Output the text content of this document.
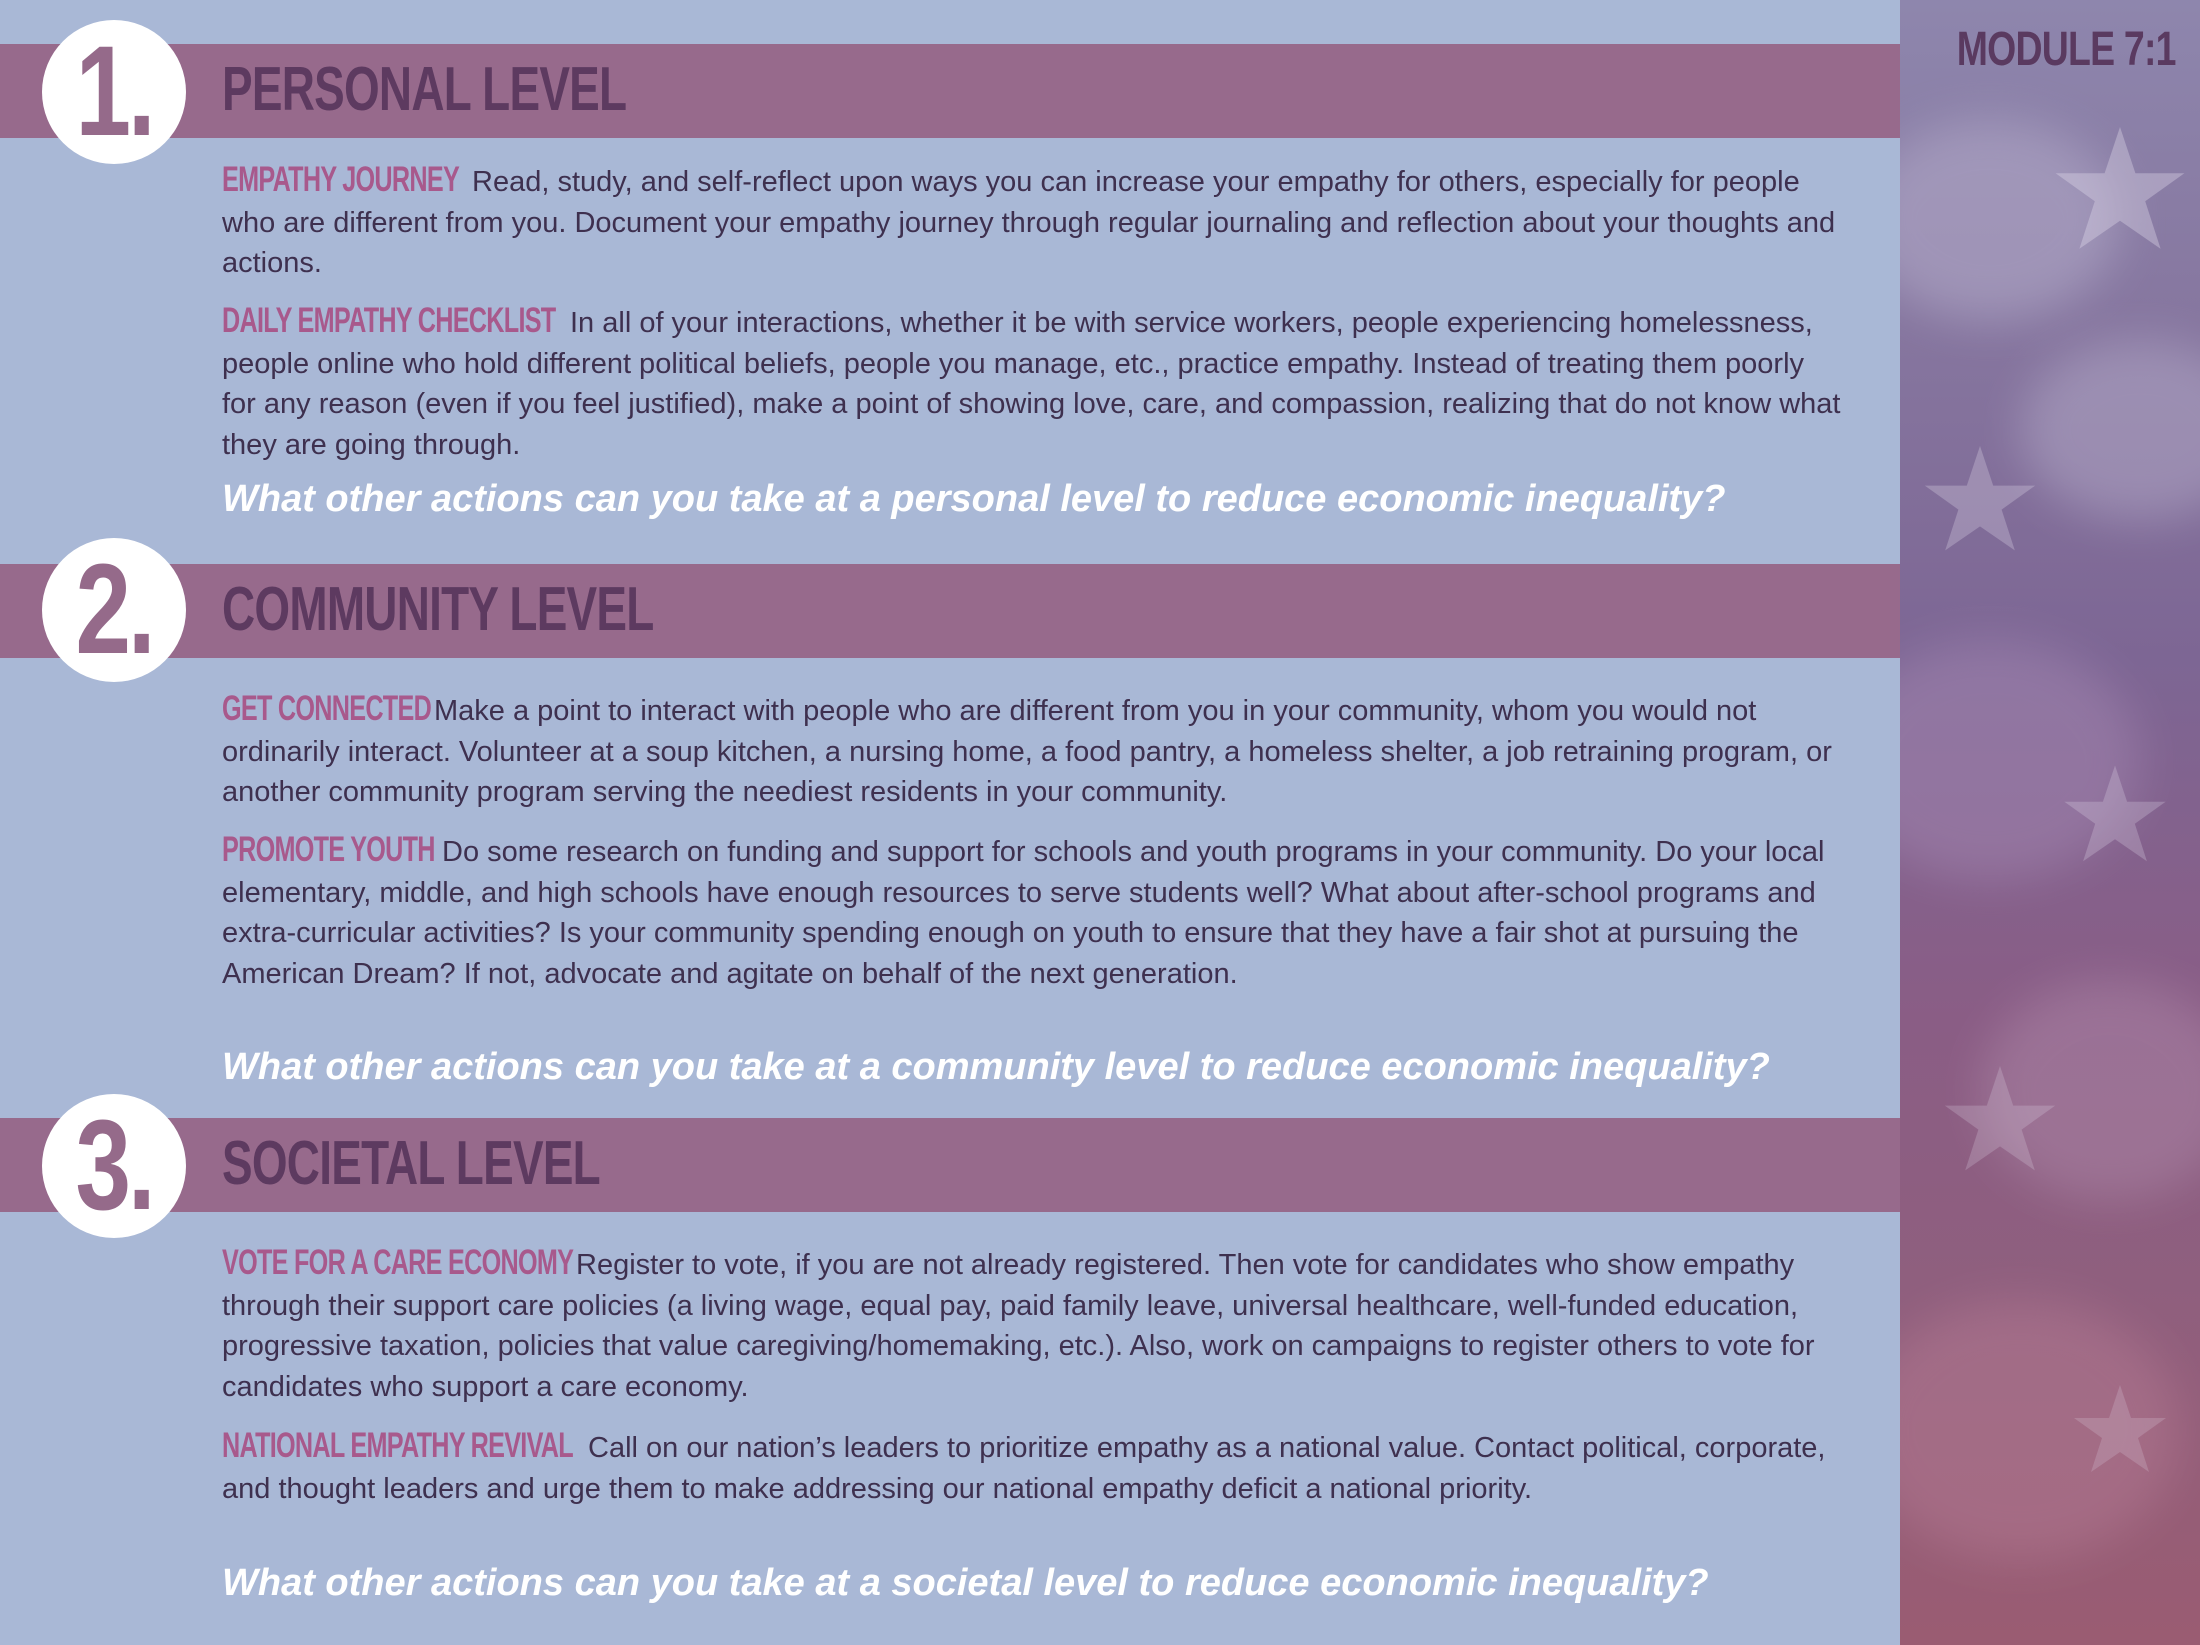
PERSONAL LEVEL
1.

EMPATHY JOURNEY Read, study, and self-reflect upon ways you can increase your empathy for others, especially for people who are different from you. Document your empathy journey through regular journaling and reflection about your thoughts and actions.

DAILY EMPATHY CHECKLIST In all of your interactions, whether it be with service workers, people experiencing homelessness, people online who hold different political beliefs, people you manage, etc., practice empathy. Instead of treating them poorly for any reason (even if you feel justified), make a point of showing love, care, and compassion, realizing that do not know what they are going through.

What other actions can you take at a personal level to reduce economic inequality?
COMMUNITY LEVEL
2.

GET CONNECTED Make a point to interact with people who are different from you in your community, whom you would not ordinarily interact. Volunteer at a soup kitchen, a nursing home, a food pantry, a homeless shelter, a job retraining program, or another community program serving the neediest residents in your community.

PROMOTE YOUTH Do some research on funding and support for schools and youth programs in your community. Do your local elementary, middle, and high schools have enough resources to serve students well? What about after-school programs and extra-curricular activities? Is your community spending enough on youth to ensure that they have a fair shot at pursuing the American Dream? If not, advocate and agitate on behalf of the next generation.

What other actions can you take at a community level to reduce economic inequality?
SOCIETAL LEVEL
3.

VOTE FOR A CARE ECONOMYRegister to vote, if you are not already registered. Then vote for candidates who show empathy through their support care policies (a living wage, equal pay, paid family leave, universal healthcare, well-funded education, progressive taxation, policies that value caregiving/homemaking, etc.). Also, work on campaigns to register others to vote for candidates who support a care economy.

NATIONAL EMPATHY REVIVAL Call on our nation’s leaders to prioritize empathy as a national value. Contact political, corporate, and thought leaders and urge them to make addressing our national empathy deficit a national priority.

What other actions can you take at a societal level to reduce economic inequality?
MODULE 7:1
